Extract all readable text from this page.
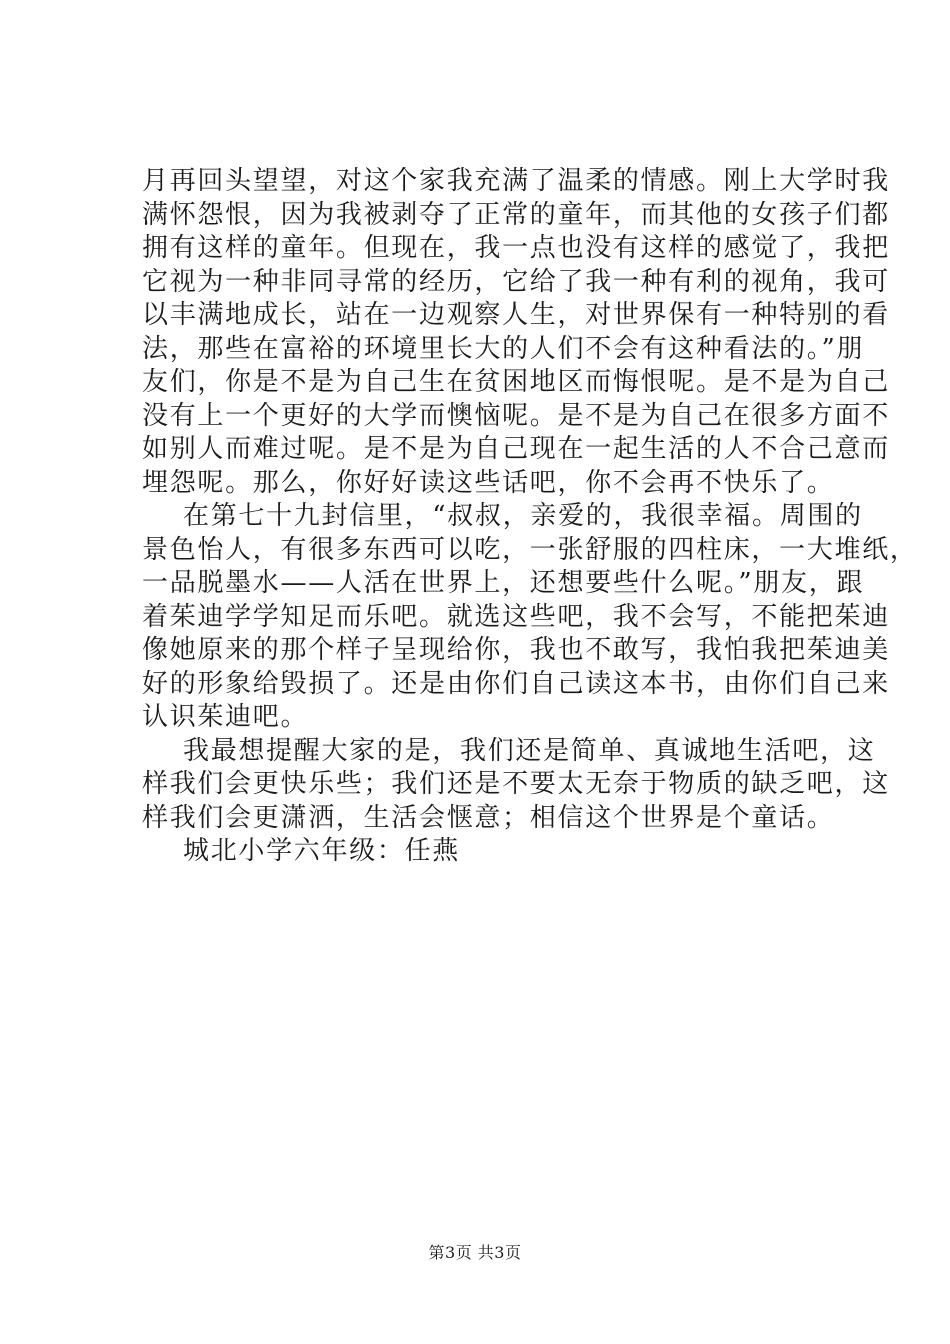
月再回头望望，对这个家我充满了温柔的情感。刚上大学时我
满怀怨恨，因为我被剥夺了正常的童年，而其他的女孩子们都
拥有这样的童年。但现在，我一点也没有这样的感觉了，我把
它视为一种非同寻常的经历，它给了我一种有利的视角，我可
以丰满地成长，站在一边观察人生，对世界保有一种特别的看
法，那些在富裕的环境里长大的人们不会有这种看法的。”朋
友们，你是不是为自己生在贫困地区而悔恨呢。是不是为自己
没有上一个更好的大学而懊恼呢。是不是为自己在很多方面不
如别人而难过呢。是不是为自己现在一起生活的人不合己意而
埋怨呢。那么，你好好读这些话吧，你不会再不快乐了。
在第七十九封信里，“叔叔，亲爱的，我很幸福。周围的
景色怡人，有很多东西可以吃，一张舒服的四柱床，一大堆纸，
一品脱墨水——人活在世界上，还想要些什么呢。”朋友，跟
着茱迪学学知足而乐吧。就选这些吧，我不会写，不能把茱迪
像她原来的那个样子呈现给你，我也不敢写，我怕我把茱迪美
好的形象给毁损了。还是由你们自己读这本书，由你们自己来
认识茱迪吧。
我最想提醒大家的是，我们还是简单、真诚地生活吧，这
样我们会更快乐些；我们还是不要太无奈于物质的缺乏吧，这
样我们会更潇洒，生活会惬意；相信这个世界是个童话。
城北小学六年级：任燕
第3页 共3页
